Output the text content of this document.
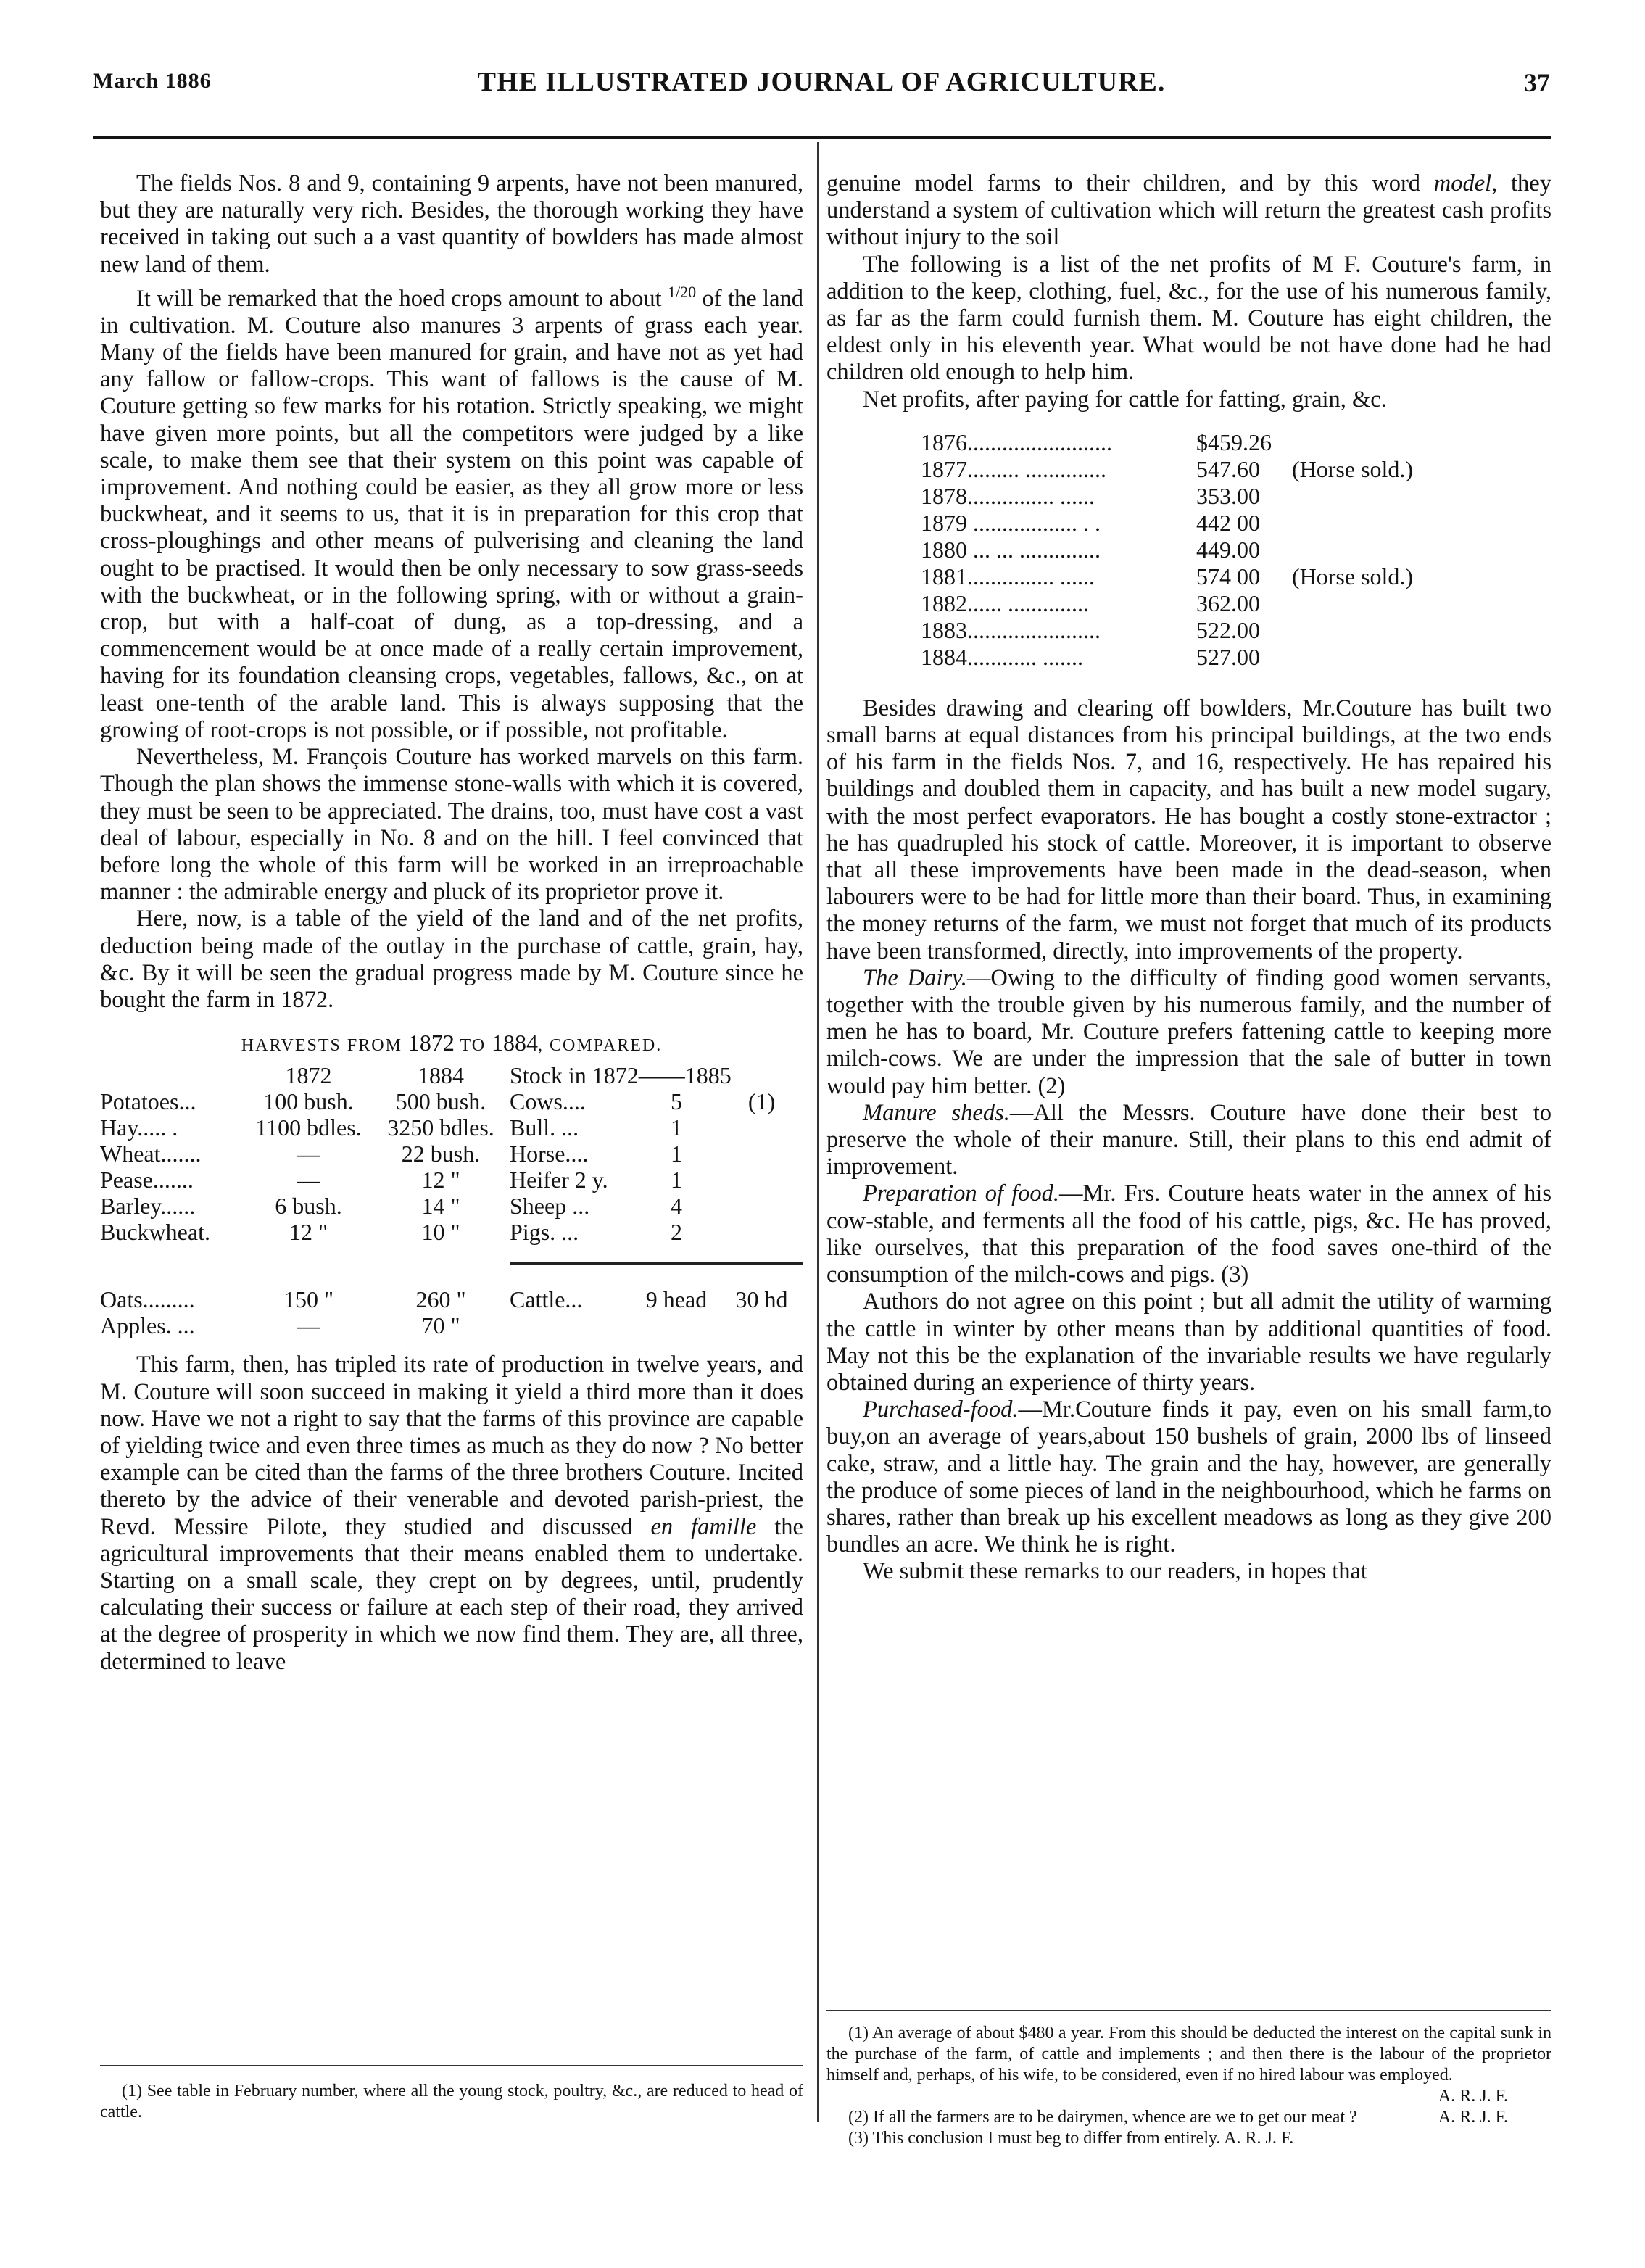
March 1886	THE ILLUSTRATED JOURNAL OF AGRICULTURE.	37

The fields Nos. 8 and 9, containing 9 arpents, have not been manured, but they are naturally very rich. Besides, the thorough working they have received in taking out such a a vast quantity of bowlders has made almost new land of them.

It will be remarked that the hoed crops amount to about $^{1/20}$ of the land in cultivation. M. Couture also manures 3 arpents of grass each year. Many of the fields have been manured for grain, and have not as yet had any fallow or fallow-crops. This want of fallows is the cause of M. Couture getting so few marks for his rotation. Strictly speaking, we might have given more points, but all the competitors were judged by a like scale, to make them see that their system on this point was capable of improvement. And nothing could be easier, as they all grow more or less buckwheat, and it seems to us, that it is in preparation for this crop that cross-ploughings and other means of pulverising and cleaning the land ought to be practised. It would then be only necessary to sow grass-seeds with the buckwheat, or in the following spring, with or without a grain-crop, but with a half-coat of dung, as a top-dressing, and a commencement would be at once made of a really certain improvement, having for its foundation cleansing crops, vegetables, fallows, &c., on at least one-tenth of the arable land. This is always supposing that the growing of root-crops is not possible, or if possible, not profitable.

Nevertheless, M. François Couture has worked marvels on this farm. Though the plan shows the immense stone-walls with which it is covered, they must be seen to be appreciated. The drains, too, must have cost a vast deal of labour, especially in No. 8 and on the hill. I feel convinced that before long the whole of this farm will be worked in an irreproachable manner : the admirable energy and pluck of its proprietor prove it.

Here, now, is a table of the yield of the land and of the net profits, deduction being made of the outlay in the purchase of cattle, grain, hay, &c. By it will be seen the gradual progress made by M. Couture since he bought the farm in 1872.

HARVESTS FROM 1872 TO 1884, COMPARED.
	1872	1884	Stock in 1872——1885		
Potatoes...	100 bush.	500 bush.	Cows....	5	(1)
Hay..... .	1100 bdles.	3250 bdles.	Bull. ...	1	
Wheat.......	—	22 bush.	Horse....	1	
Pease.......	—	12 "	Heifer 2 y.	1	
Barley......	6 bush.	14 "	Sheep ...	4	
Buckwheat.	12 "	10 "	Pigs. ...	2	

Oats.........	150 "	260 "	Cattle...	9 head	30 hd
Apples. ...	—	70 "			

This farm, then, has tripled its rate of production in twelve years, and M. Couture will soon succeed in making it yield a third more than it does now. Have we not a right to say that the farms of this province are capable of yielding twice and even three times as much as they do now ? No better example can be cited than the farms of the three brothers Couture. Incited thereto by the advice of their venerable and devoted parish-priest, the Revd. Messire Pilote, they studied and discussed en famille the agricultural improvements that their means enabled them to undertake. Starting on a small scale, they crept on by degrees, until, prudently calculating their success or failure at each step of their road, they arrived at the degree of prosperity in which we now find them. They are, all three, determined to leave

(1) See table in February number, where all the young stock, poultry, &c., are reduced to head of cattle.

genuine model farms to their children, and by this word model, they understand a system of cultivation which will return the greatest cash profits without injury to the soil

The following is a list of the net profits of M F. Couture's farm, in addition to the keep, clothing, fuel, &c., for the use of his numerous family, as far as the farm could furnish them. M. Couture has eight children, the eldest only in his eleventh year. What would be not have done had he had children old enough to help him.

Net profits, after paying for cattle for fatting, grain, &c.

1876.........................	$459.26
1877......... ..............	547.60	(Horse sold.)
1878............... ......	353.00
1879 .................. . .	442 00
1880 ... ... ..............	449.00
1881............... ......	574 00	(Horse sold.)
1882...... ..............	362.00
1883.......................	522.00
1884............ .......	527.00

Besides drawing and clearing off bowlders, Mr.Couture has built two small barns at equal distances from his principal buildings, at the two ends of his farm in the fields Nos. 7, and 16, respectively. He has repaired his buildings and doubled them in capacity, and has built a new model sugary, with the most perfect evaporators. He has bought a costly stone-extractor ; he has quadrupled his stock of cattle. Moreover, it is important to observe that all these improvements have been made in the dead-season, when labourers were to be had for little more than their board. Thus, in examining the money returns of the farm, we must not forget that much of its products have been transformed, directly, into improvements of the property.

The Dairy.—Owing to the difficulty of finding good women servants, together with the trouble given by his numerous family, and the number of men he has to board, Mr. Couture prefers fattening cattle to keeping more milch-cows. We are under the impression that the sale of butter in town would pay him better. (2)

Manure sheds.—All the Messrs. Couture have done their best to preserve the whole of their manure. Still, their plans to this end admit of improvement.

Preparation of food.—Mr. Frs. Couture heats water in the annex of his cow-stable, and ferments all the food of his cattle, pigs, &c. He has proved, like ourselves, that this preparation of the food saves one-third of the consumption of the milch-cows and pigs. (3)

Authors do not agree on this point ; but all admit the utility of warming the cattle in winter by other means than by additional quantities of food. May not this be the explanation of the invariable results we have regularly obtained during an experience of thirty years.

Purchased-food.—Mr.Couture finds it pay, even on his small farm,to buy,on an average of years,about 150 bushels of grain, 2000 lbs of linseed cake, straw, and a little hay. The grain and the hay, however, are generally the produce of some pieces of land in the neighbourhood, which he farms on shares, rather than break up his excellent meadows as long as they give 200 bundles an acre. We think he is right.

We submit these remarks to our readers, in hopes that

(1) An average of about $480 a year. From this should be deducted the interest on the capital sunk in the purchase of the farm, of cattle and implements ; and then there is the labour of the proprietor himself and, perhaps, of his wife, to be considered, even if no hired labour was employed.
A. R. J. F.

(2) If all the farmers are to be dairymen, whence are we to get our meat ?	A. R. J. F.

(3) This conclusion I must beg to differ from entirely. A. R. J. F.
